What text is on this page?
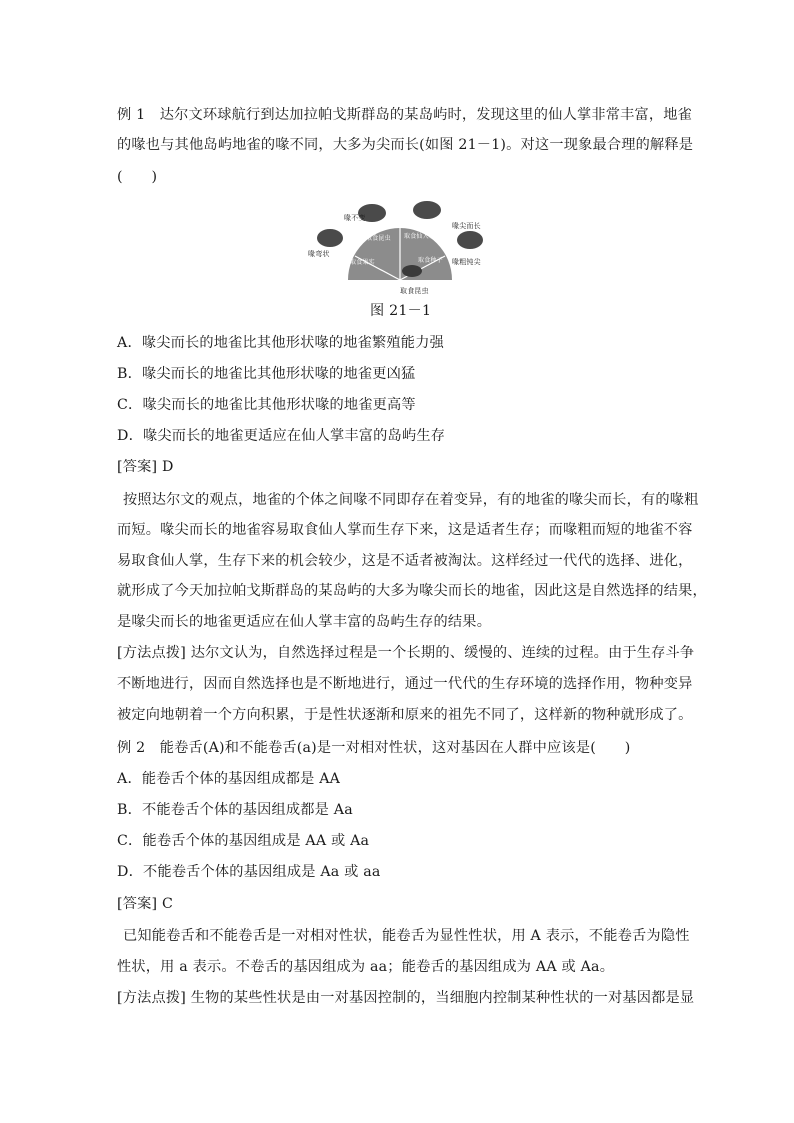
例 1　达尔文环球航行到达加拉帕戈斯群岛的某岛屿时，发现这里的仙人掌非常丰富，地雀
的喙也与其他岛屿地雀的喙不同，大多为尖而长(如图 21－1)。对这一现象最合理的解释是
(　　)
喙不变
喙尖而长
喙弯状
喙粗钝尖
取食昆虫
取食昆虫 取食仙人掌
取食果实	取食种子
图 21－1
A．喙尖而长的地雀比其他形状喙的地雀繁殖能力强
B．喙尖而长的地雀比其他形状喙的地雀更凶猛
C．喙尖而长的地雀比其他形状喙的地雀更高等
D．喙尖而长的地雀更适应在仙人掌丰富的岛屿生存
[答案] D
按照达尔文的观点，地雀的个体之间喙不同即存在着变异，有的地雀的喙尖而长，有的喙粗
而短。喙尖而长的地雀容易取食仙人掌而生存下来，这是适者生存；而喙粗而短的地雀不容
易取食仙人掌，生存下来的机会较少，这是不适者被淘汰。这样经过一代代的选择、进化，
就形成了今天加拉帕戈斯群岛的某岛屿的大多为喙尖而长的地雀，因此这是自然选择的结果，
是喙尖而长的地雀更适应在仙人掌丰富的岛屿生存的结果。
[方法点拨] 达尔文认为，自然选择过程是一个长期的、缓慢的、连续的过程。由于生存斗争
不断地进行，因而自然选择也是不断地进行，通过一代代的生存环境的选择作用，物种变异
被定向地朝着一个方向积累，于是性状逐渐和原来的祖先不同了，这样新的物种就形成了。
例 2　能卷舌(A)和不能卷舌(a)是一对相对性状，这对基因在人群中应该是(　　)
A．能卷舌个体的基因组成都是 AA
B．不能卷舌个体的基因组成都是 Aa
C．能卷舌个体的基因组成是 AA 或 Aa
D．不能卷舌个体的基因组成是 Aa 或 aa
[答案] C
已知能卷舌和不能卷舌是一对相对性状，能卷舌为显性性状，用 A 表示，不能卷舌为隐性
性状，用 a 表示。不卷舌的基因组成为 aa；能卷舌的基因组成为 AA 或 Aa。
[方法点拨] 生物的某些性状是由一对基因控制的，当细胞内控制某种性状的一对基因都是显
